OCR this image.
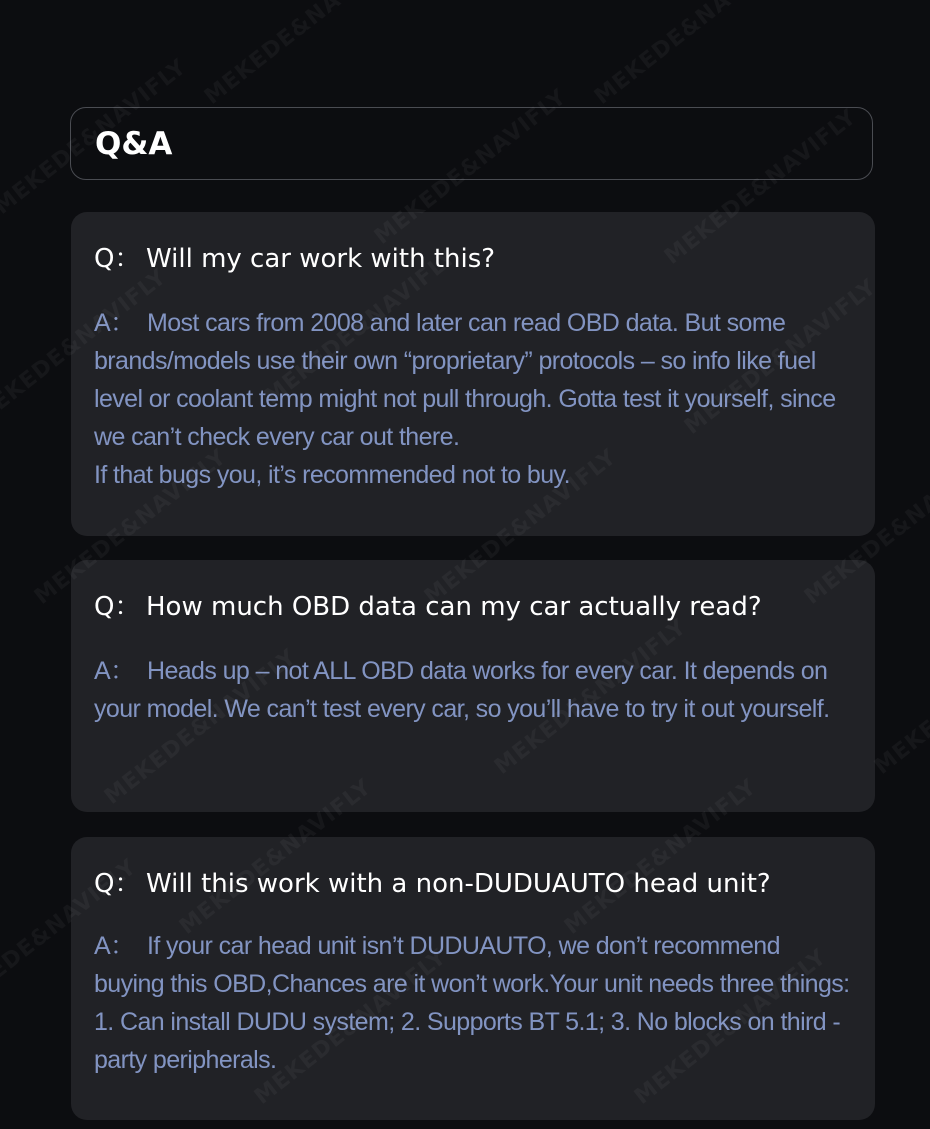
Q&A
Q： Will my car work with this?
A： Most cars from 2008 and later can read OBD data. But some brands/models use their own “proprietary” protocols – so info like fuel level or coolant temp might not pull through. Gotta test it yourself, since we can’t check every car out there.
If that bugs you, it’s recommended not to buy.
Q： How much OBD data can my car actually read?
A： Heads up – not ALL OBD data works for every car. It depends on your model. We can’t test every car, so you’ll have to try it out yourself.
Q： Will this work with a non-DUDUAUTO head unit?
A： If your car head unit isn’t DUDUAUTO, we don’t recommend buying this OBD,Chances are it won’t work.Your unit needs three things: 1. Can install DUDU system; 2. Supports BT 5.1; 3. No blocks on third - party peripherals.
